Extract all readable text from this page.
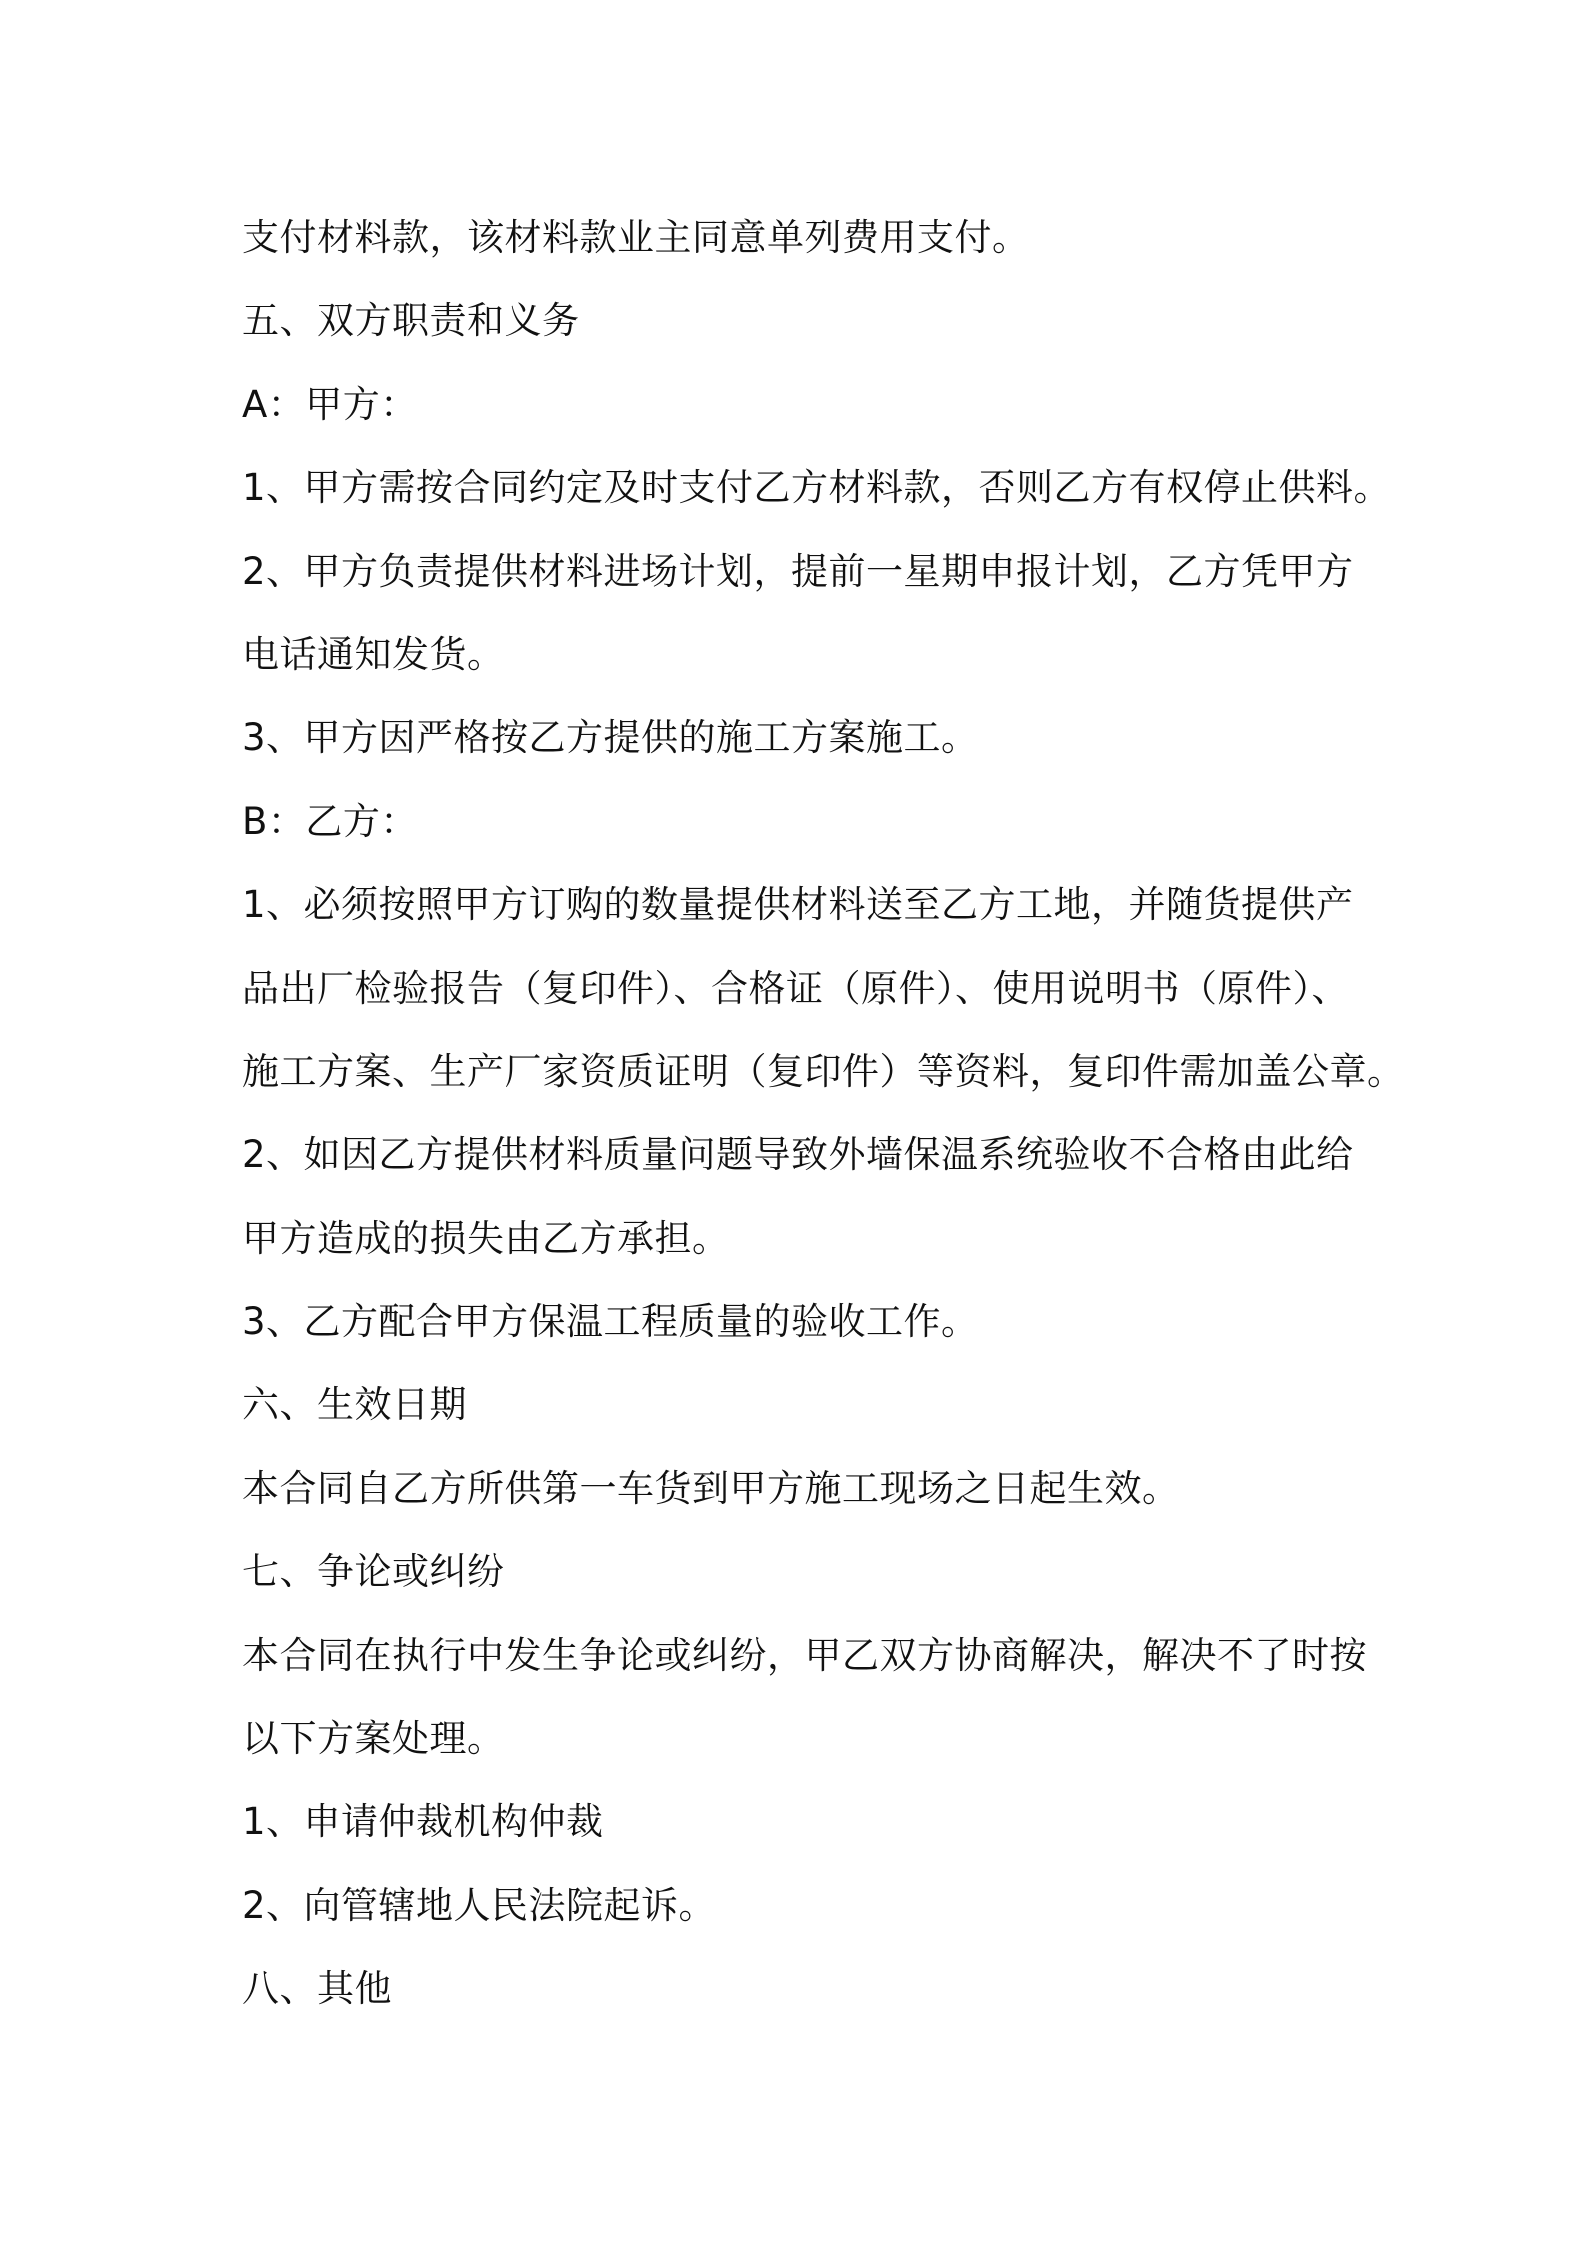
支付材料款，该材料款业主同意单列费用支付。
五、双方职责和义务
A：甲方：
1、甲方需按合同约定及时支付乙方材料款，否则乙方有权停止供料。
2、甲方负责提供材料进场计划，提前一星期申报计划，乙方凭甲方
电话通知发货。
3、甲方因严格按乙方提供的施工方案施工。
B：乙方：
1、必须按照甲方订购的数量提供材料送至乙方工地，并随货提供产
品出厂检验报告（复印件）、合格证（原件）、使用说明书（原件）、
施工方案、生产厂家资质证明（复印件）等资料，复印件需加盖公章。
2、如因乙方提供材料质量问题导致外墙保温系统验收不合格由此给
甲方造成的损失由乙方承担。
3、乙方配合甲方保温工程质量的验收工作。
六、生效日期
本合同自乙方所供第一车货到甲方施工现场之日起生效。
七、争论或纠纷
本合同在执行中发生争论或纠纷，甲乙双方协商解决，解决不了时按
以下方案处理。
1、申请仲裁机构仲裁
2、向管辖地人民法院起诉。
八、其他
